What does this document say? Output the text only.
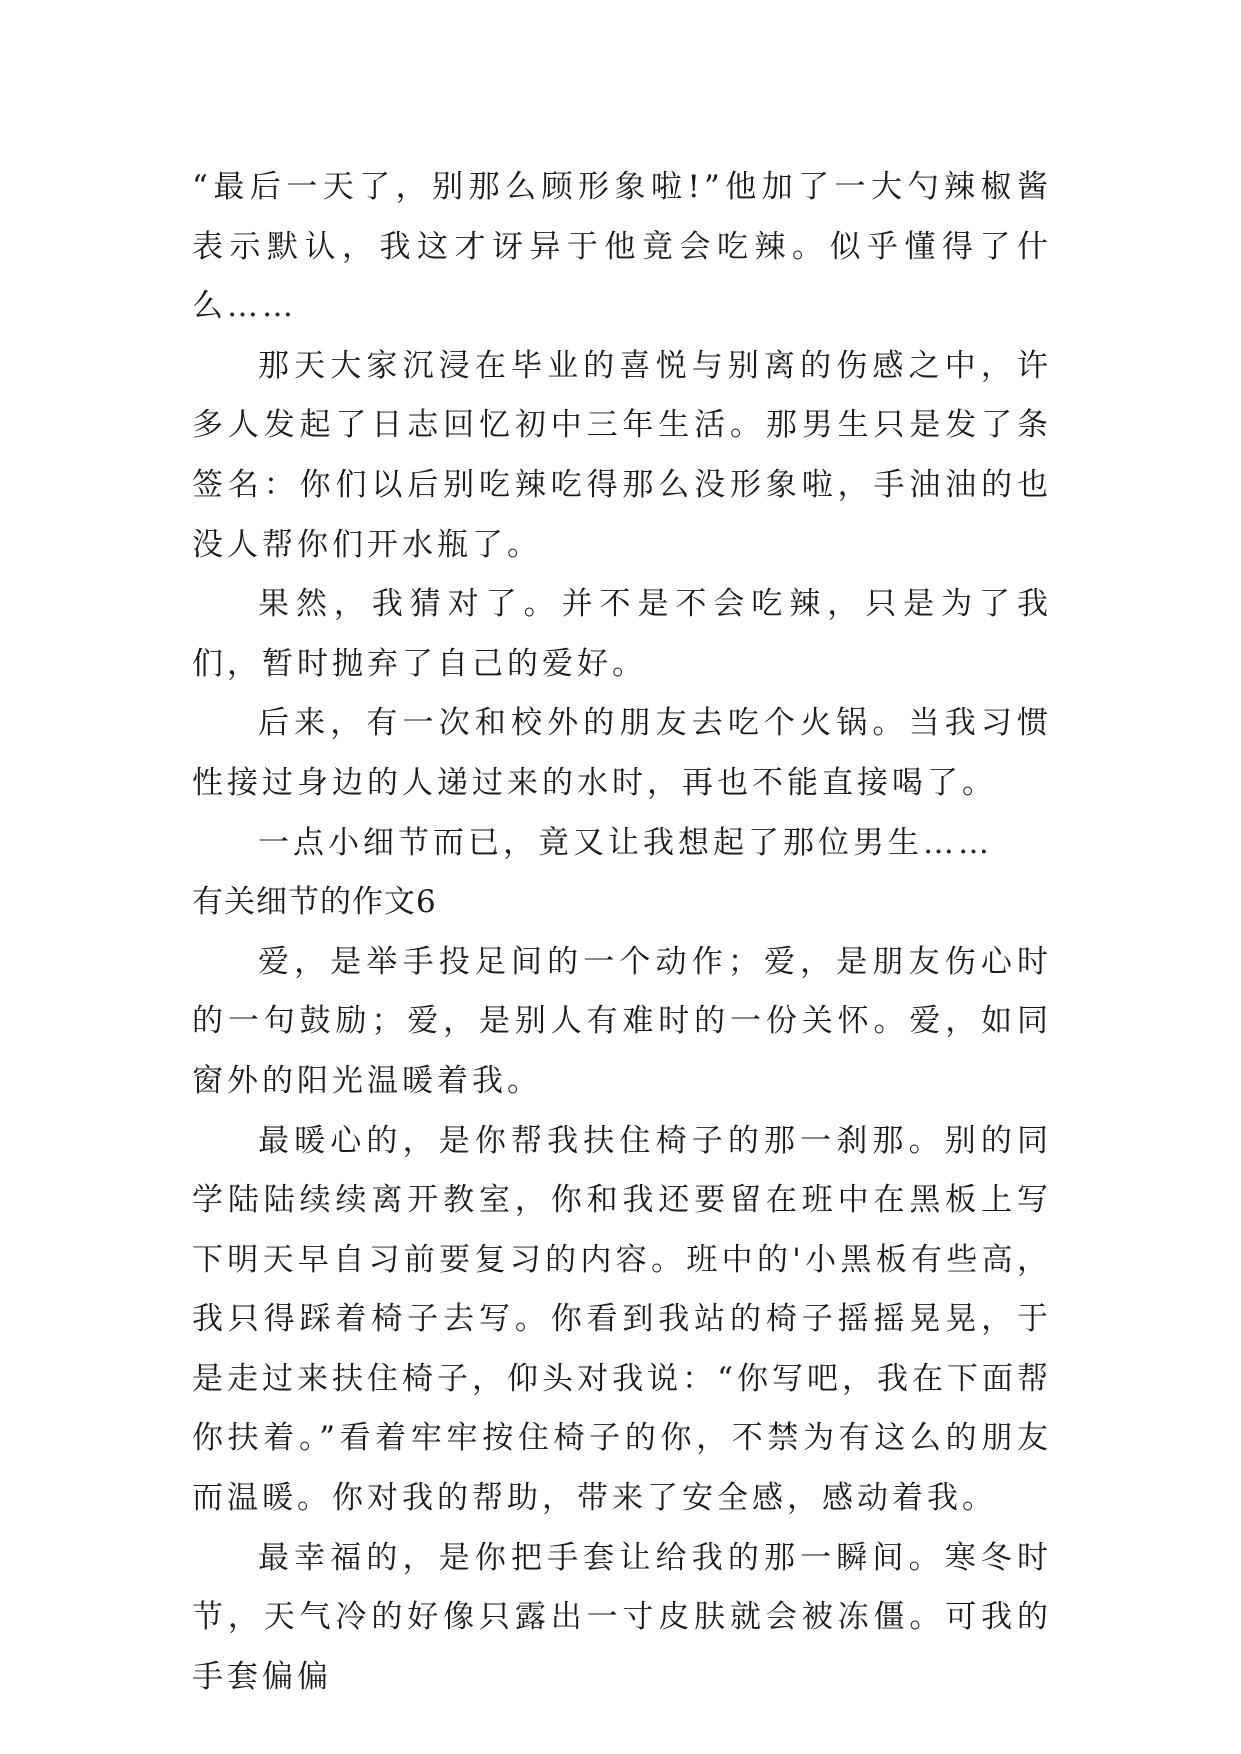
“最后一天了，别那么顾形象啦!”他加了一大勺辣椒酱表示默认，我这才讶异于他竟会吃辣。似乎懂得了什么……

那天大家沉浸在毕业的喜悦与别离的伤感之中，许多人发起了日志回忆初中三年生活。那男生只是发了条签名：你们以后别吃辣吃得那么没形象啦，手油油的也没人帮你们开水瓶了。

果然，我猜对了。并不是不会吃辣，只是为了我们，暂时抛弃了自己的爱好。

后来，有一次和校外的朋友去吃个火锅。当我习惯性接过身边的人递过来的水时，再也不能直接喝了。

一点小细节而已，竟又让我想起了那位男生……

有关细节的作文6

爱，是举手投足间的一个动作；爱，是朋友伤心时的一句鼓励；爱，是别人有难时的一份关怀。爱，如同窗外的阳光温暖着我。

最暖心的，是你帮我扶住椅子的那一刹那。别的同学陆陆续续离开教室，你和我还要留在班中在黑板上写下明天早自习前要复习的内容。班中的'小黑板有些高，我只得踩着椅子去写。你看到我站的椅子摇摇晃晃，于是走过来扶住椅子，仰头对我说：“你写吧，我在下面帮你扶着。”看着牢牢按住椅子的你，不禁为有这么的朋友而温暖。你对我的帮助，带来了安全感，感动着我。

最幸福的，是你把手套让给我的那一瞬间。寒冬时节，天气冷的好像只露出一寸皮肤就会被冻僵。可我的手套偏偏
